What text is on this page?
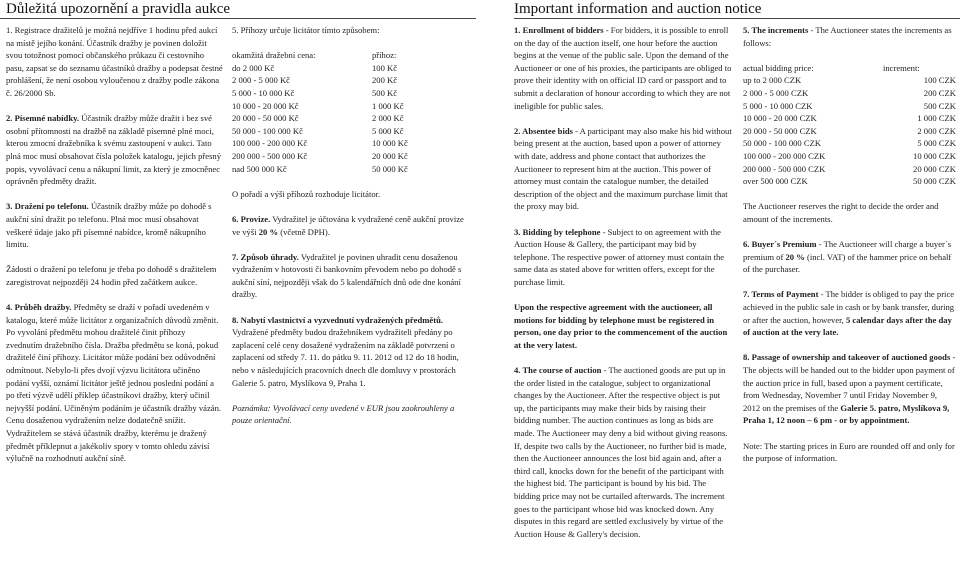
Důležitá upozornění a pravidla aukce	Important information and auction notice

1. Registrace dražitelů je možná nejdříve 1 hodinu před aukcí na místě jejího konání. Účastník dražby je povinen doložit svou totožnost pomocí občanského průkazu či cestovního pasu, zapsat se do seznamu účastníků dražby a podepsat čestné prohlášení, že není osobou vyloučenou z dražby podle zákona č. 26/2000 Sb.

2. Písemné nabídky. Účastník dražby může dražit i bez své osobní přítomnosti na dražbě na základě písemné plné moci, kterou zmocní dražebníka k svému zastoupení v aukci. Tato plná moc musí obsahovat čísla položek katalogu, jejich přesný popis, vyvolávací cenu a nákupní limit, za který je zmocněnec oprávněn předměty dražit.

3. Dražení po telefonu. Účastník dražby může po dohodě s aukční síní dražit po telefonu. Plná moc musí obsahovat veškeré údaje jako při písemné nabídce, kromě nákupního limitu.

Žádosti o dražení po telefonu je třeba po dohodě s dražitelem zaregistrovat nejpozději 24 hodin před začátkem aukce.

4. Průběh dražby. Předměty se draží v pořadí uvedeném v katalogu, které může licitátor z organizačních důvodů změnit. Po vyvolání předmětu mohou dražitelé činit příhozy zvednutím dražebního čísla. Dražba předmětu se koná, pokud dražitelé činí příhozy. Licitátor může podání bez odůvodnění odmítnout. Nebylo-li přes dvojí výzvu licitátora učiněno podání vyšší, oznámí licitátor ještě jednou poslední podání a po třetí výzvě udělí příklep účastníkovi dražby, který učinil nejvyšší podání. Učiněným podáním je účastník dražby vázán. Cenu dosaženou vydražením nelze dodatečně snížit. Vydražitelem se stává účastník dražby, kterému je dražený předmět příklepnut a jakékoliv spory v tomto ohledu závisí výlučně na rozhodnutí aukční síně.

5. Příhozy určuje licitátor tímto způsobem:

okamžitá dražební cena:	příhoz:
do 2 000 Kč	100 Kč
2 000 - 5 000 Kč	200 Kč
5 000 - 10 000 Kč	500 Kč
10 000 - 20 000 Kč	1 000 Kč
20 000 - 50 000 Kč	2 000 Kč
50 000 - 100 000 Kč	5 000 Kč
100 000 - 200 000 Kč	10 000 Kč
200 000 - 500 000 Kč	20 000 Kč
nad 500 000 Kč	50 000 Kč

O pořadí a výši příhozů rozhoduje licitátor.

6. Provize. Vydražitel je účtována k vydražené ceně aukční provize ve výši 20 % (včetně DPH).

7. Způsob úhrady. Vydražitel je povinen uhradit cenu dosaženou vydražením v hotovosti či bankovním převodem nebo po dohodě s aukční síní, nejpozději však do 5 kalendářních dnů ode dne konání dražby.

8. Nabytí vlastnictví a vyzvednutí vydražených předmětů. Vydražené předměty budou dražebníkem vydražiteli předány po zaplacení celé ceny dosažené vydražením na základě potvrzení o zaplacení od středy 7. 11. do pátku 9. 11. 2012 od 12 do 18 hodin, nebo v následujících pracovních dnech dle domluvy v prostorách Galerie 5. patro, Myslíkova 9, Praha 1.

Poznámka: Vyvolávací ceny uvedené v EUR jsou zaokrouhleny a pouze orientační.

1. Enrollment of bidders - For bidders, it is possible to enroll on the day of the auction itself, one hour before the auction begins at the venue of the public sale. Upon the demand of the Auctioneer or one of his proxies, the participants are obliged to prove their identity with on official ID card or passport and to submit a declaration of honour according to which they are not ineligible for public sales.

2. Absentee bids - A participant may also make his bid without being present at the auction, based upon a power of attorney with date, address and phone contact that authorizes the Auctioneer to represent him at the auction. This power of attorney must contain the catalogue number, the detailed description of the object and the maximum purchase limit that the proxy may bid.

3. Bidding by telephone - Subject to on agreement with the Auction House & Gallery, the participant may bid by telephone. The respective power of attorney must contain the same data as stated above for written offers, except for the purchase limit.

Upon the respective agreement with the auctioneer, all motions for bidding by telephone must be registered in person, one day prior to the commencement of the auction at the very latest.

4. The course of auction - The auctioned goods are put up in the order listed in the catalogue, subject to organizational changes by the Auctioneer. After the respective object is put up, the participants may make their bids by raising their bidding number. The auction continues as long as bids are made. The Auctioneer may deny a bid without giving reasons. If, despite two calls by the Auctioneer, no further bid is made, then the Auctioneer announces the lost bid again and, after a third call, knocks down for the benefit of the participant with the highest bid. The participant is bound by his bid. The bidding price may not be curtailed afterwards. The increment goes to the participant whose bid was knocked down. Any disputes in this regard are settled exclusively by virtue of the Auction House & Gallery's decision.

5. The increments - The Auctioneer states the increments as follows:

actual bidding price:	increment:
up to 2 000 CZK	100 CZK
2 000 - 5 000 CZK	200 CZK
5 000 - 10 000 CZK	500 CZK
10 000 - 20 000 CZK	1 000 CZK
20 000 - 50 000 CZK	2 000 CZK
50 000 - 100 000 CZK	5 000 CZK
100 000 - 200 000 CZK	10 000 CZK
200 000 - 500 000 CZK	20 000 CZK
over 500 000 CZK	50 000 CZK

The Auctioneer reserves the right to decide the order and amount of the increments.

6. Buyer´s Premium - The Auctioneer will charge a buyer´s premium of 20 % (incl. VAT) of the hammer price on behalf of the purchaser.

7. Terms of Payment - The bidder is obliged to pay the price achieved in the public sale in cash or by bank transfer, during or after the auction, however, 5 calendar days after the day of auction at the very late.

8. Passage of ownership and takeover of auctioned goods - The objects will be handed out to the bidder upon payment of the auction price in full, based upon a payment certificate, from Wednesday, November 7 until Friday November 9, 2012 on the premises of the Galerie 5. patro, Myslíkova 9, Praha 1, 12 noon – 6 pm - or by appointment.

Note: The starting prices in Euro are rounded off and only for the purpose of information.
